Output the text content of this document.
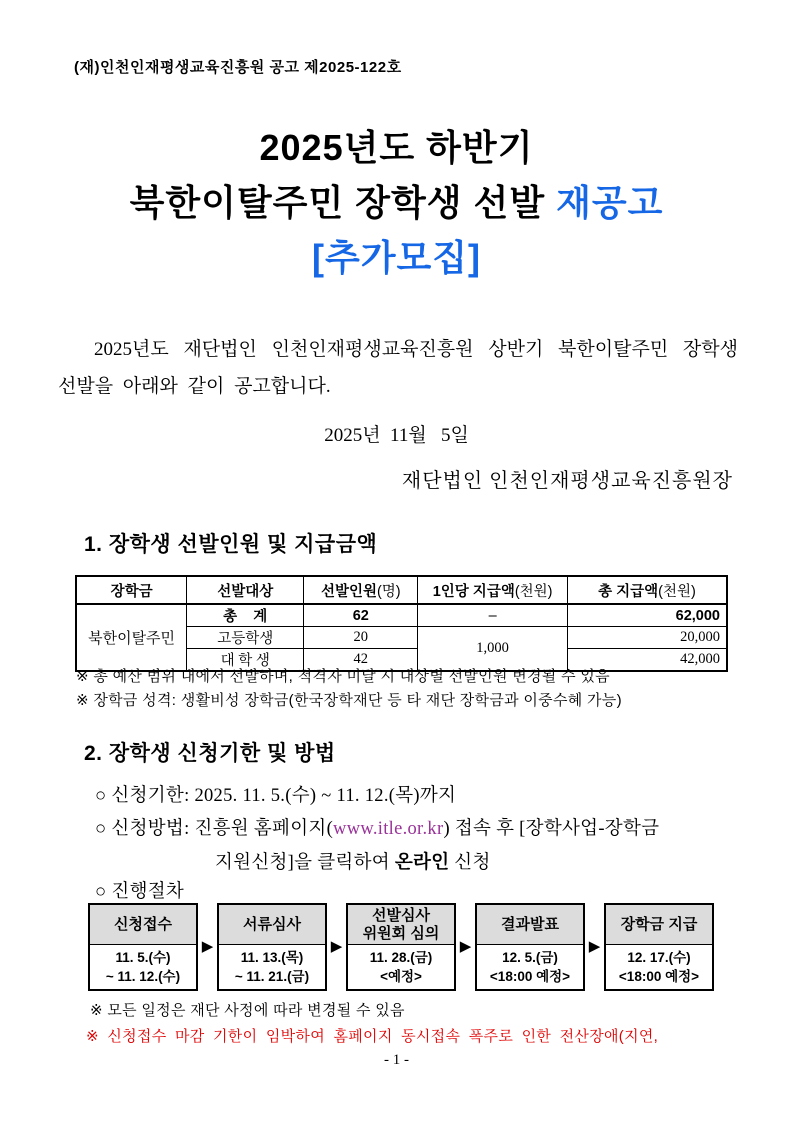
(재)인천인재평생교육진흥원 공고 제2025-122호
2025년도 하반기
북한이탈주민 장학생 선발 재공고
[추가모집]
2025년도 재단법인 인천인재평생교육진흥원 상반기 북한이탈주민 장학생 선발을 아래와 같이 공고합니다.
2025년  11월   5일
재단법인 인천인재평생교육진흥원장
1. 장학생 선발인원 및 지급금액
장학금	선발대상	선발인원(명)	1인당 지급액(천원)	총 지급액(천원)
북한이탈주민	총    계	62	–	62,000
	고등학생	20	1,000	20,000
	대 학 생	42		42,000
※ 총 예산 범위 내에서 선발하며, 적격자 미달 시 대상별 선발인원 변경될 수 있음
※ 장학금 성격: 생활비성 장학금(한국장학재단 등 타 재단 장학금과 이중수혜 가능)
2. 장학생 신청기한 및 방법
○ 신청기한: 2025. 11. 5.(수) ~ 11. 12.(목)까지
○ 신청방법: 진흥원 홈페이지(www.itle.or.kr) 접속 후 [장학사업-장학금
지원신청]을 클릭하여 온라인 신청
○ 진행절차
신청접수
11. 5.(수)
~ 11. 12.(수)
▶
서류심사
11. 13.(목)
~ 11. 21.(금)
▶
선발심사
위원회 심의
11. 28.(금)
<예정>
▶
결과발표
12. 5.(금)
<18:00 예정>
▶
장학금 지급
12. 17.(수)
<18:00 예정>
※ 모든 일정은 재단 사정에 따라 변경될 수 있음
※ 신청접수 마감 기한이 임박하여 홈페이지 동시접속 폭주로 인한 전산장애(지연,
- 1 -
